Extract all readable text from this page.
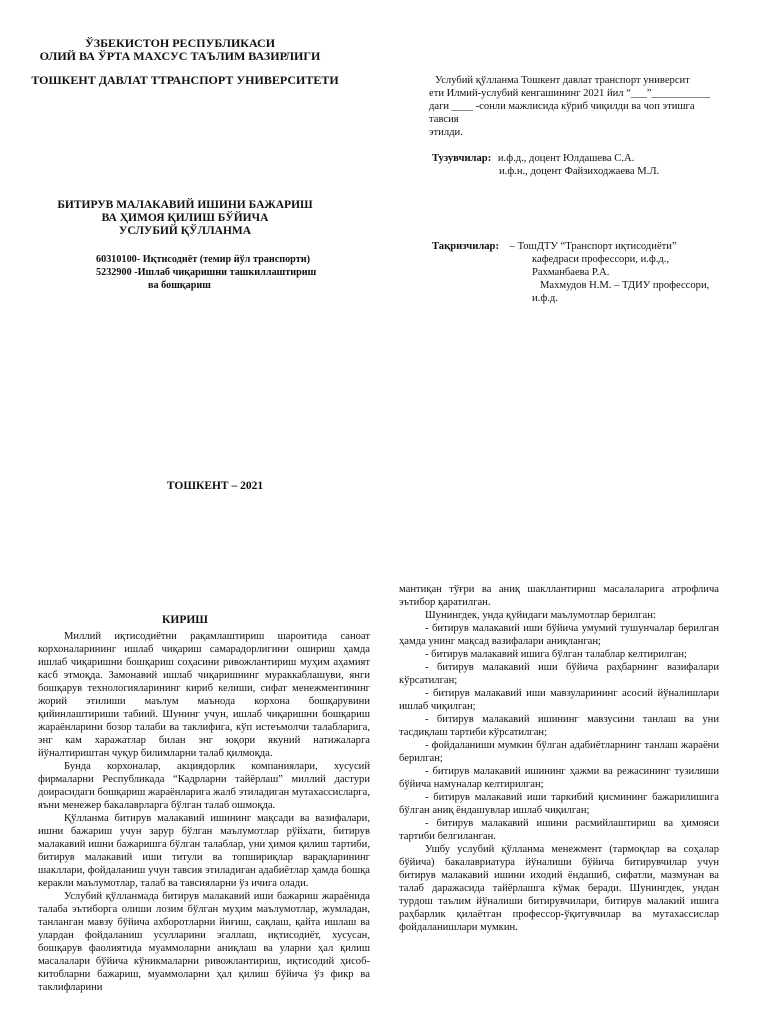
ЎЗБЕКИСТОН РЕСПУБЛИКАСИ
ОЛИЙ ВА ЎРТА МАХСУС ТАЪЛИМ ВАЗИРЛИГИ
ТОШКЕНТ ДАВЛАТ ТТРАНСПОРТ УНИВЕРСИТЕТИ
БИТИРУВ МАЛАКАВИЙ ИШИНИ БАЖАРИШ
ВА ҲИМОЯ ҚИЛИШ БЎЙИЧА
УСЛУБИЙ ҚЎЛЛАНМА
60310100- Иқтисодиёт (темир йўл транспорти)
5232900 -Ишлаб чиқаришни ташкиллаштириш
ва бошқариш
ТОШКЕНТ – 2021
Услубий қўлланма Тошкент давлат транспорт университ
ети Илмий-услубий кенгашининг 2021 йил “___”___________
даги ____ -сонли мажлисида кўриб чиқилди ва чоп этишга тавсия
этилди.
Тузувчилар: и.ф.д., доцент Юлдашева С.А.
и.ф.н., доцент Файзиходжаева М.Л.
Тақризчилар: – ТошДТУ “Транспорт иқтисодиёти”
кафедраси профессори, и.ф.д.,
Рахманбаева Р.А.
Махмудов Н.М. – ТДИУ профессори,
и.ф.д.
КИРИШ

Миллий иқтисодиётни рақамлаштириш шароитида саноат корхоналарининг ишлаб чиқариш самарадорлигини ошириш ҳамда ишлаб чиқаришни бошқариш соҳасини ривожлантириш муҳим аҳамият касб этмоқда. Замонавий ишлаб чиқаришнинг мураккаблашуви, янги бошқарув технологияларининг кириб келиши, сифат менежментининг жорий этилиши маълум маънода корхона бошқарувини қийинлаштириши табиий. Шунинг учун, ишлаб чиқаришни бошқариш жараёнларини бозор талаби ва таклифига, кўп истеъмолчи талабларига, энг кам харажатлар билан энг юқори якуний натижаларга йўналтириштан чуқур билимларни талаб қилмоқда.

Бунда корхоналар, акциядорлик компаниялари, хусусий фирмаларни Республикада “Кадрларни тайёрлаш” миллий дастури доирасидаги бошқариш жараёнларига жалб этиладиган мутахассисларга, яъни менежер бакалаврларга бўлган талаб ошмоқда.

Қўлланма битирув малакавий ишининг мақсади ва вазифалари, ишни бажариш учун зарур бўлган маълумотлар рўйхати, битирув малакавий ишни бажаришга бўлган талаблар, уни ҳимоя қилиш тартиби, битирув малакавий иши титули ва топшириқлар варақларининг шакллари, фойдаланиш учун тавсия этиладиган адабиётлар ҳамда бошқа керакли маълумотлар, талаб ва тавсияларни ўз ичига олади.

Услубий қўлланмада битирув малакавий иши бажариш жараёнида талаба эътиборга олиши лозим бўлган муҳим маълумотлар, жумладан, танланган мавзу бўйича ахборотларни йиғиш, сақлаш, қайта ишлаш ва улардан фойдаланиш усулларини эгаллаш, иқтисодиёт, хусусан, бошқарув фаолиятида муаммоларни аниқлаш ва уларни ҳал қилиш масалалари бўйича кўникмаларни ривожлантириш, иқтисодий ҳисоб-китобларни бажариш, муаммоларни ҳал қилиш бўйича ўз фикр ва таклифларини

мантиқан тўғри ва аниқ шакллантириш масалаларига атрофлича эътибор қаратилган.

Шунингдек, унда қуйидаги маълумотлар берилган:

- битирув малакавий иши бўйича умумий тушунчалар берилган ҳамда унинг мақсад вазифалари аниқланган;

- битирув малакавий ишига бўлган талаблар келтирилган;

- битирув малакавий иши бўйича раҳбарнинг вазифалари кўрсатилган;

- битирув малакавий иши мавзуларининг асосий йўналишлари ишлаб чиқилган;

- битирув малакавий ишининг мавзусини танлаш ва уни тасдиқлаш тартиби кўрсатилган;

- фойдаланиши мумкин бўлган адабиётларнинг танлаш жараёни берилган;

- битирув малакавий ишининг ҳажми ва режасининг тузилиши бўйича намуналар келтирилган;

- битирув малакавий иши таркибий қисмининг бажарилишига бўлган аниқ ёндашувлар ишлаб чиқилган;

- битирув малакавий ишини расмийлаштириш ва ҳимояси тартиби белгиланган.

Ушбу услубий қўлланма менежмент (тармоқлар ва соҳалар бўйича) бакалавриатура йўналиши бўйича битирувчилар учун битирув малакавий ишини иходий ёндашиб, сифатли, мазмунан ва талаб даражасида тайёрлашга кўмак беради. Шунингдек, ундан турдош таълим йўналиши битирувчилари, битирув малакий ишига раҳбарлик қилаётган профессор-ўқитувчилар ва мутахассислар фойдаланишлари мумкин.
